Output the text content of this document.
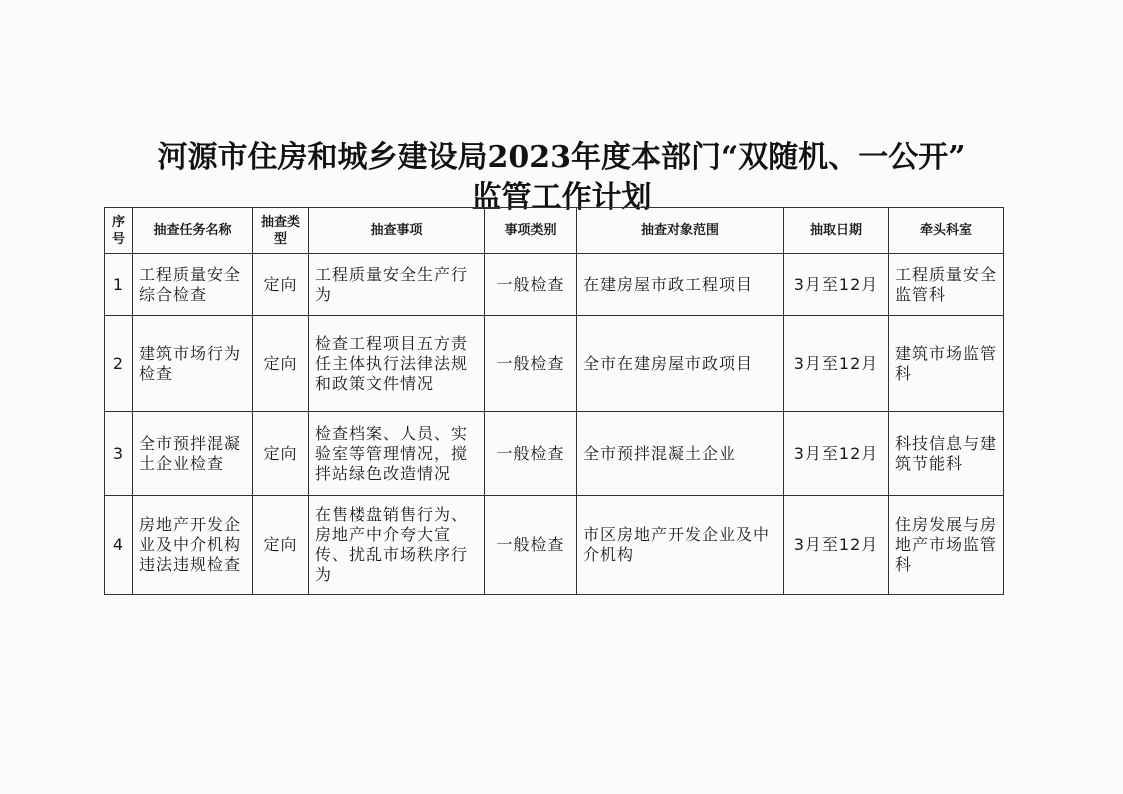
河源市住房和城乡建设局2023年度本部门“双随机、一公开”
监管工作计划
序号	抽查任务名称	抽查类型	抽查事项	事项类别	抽查对象范围	抽取日期	牵头科室
1	工程质量安全综合检查	定向	工程质量安全生产行为	一般检查	在建房屋市政工程项目	3月至12月	工程质量安全监管科
2	建筑市场行为检查	定向	检查工程项目五方责任主体执行法律法规和政策文件情况	一般检查	全市在建房屋市政项目	3月至12月	建筑市场监管科
3	全市预拌混凝土企业检查	定向	检查档案、人员、实验室等管理情况，搅拌站绿色改造情况	一般检查	全市预拌混凝土企业	3月至12月	科技信息与建筑节能科
4	房地产开发企业及中介机构违法违规检查	定向	在售楼盘销售行为、房地产中介夸大宣传、扰乱市场秩序行为	一般检查	市区房地产开发企业及中介机构	3月至12月	住房发展与房地产市场监管科
